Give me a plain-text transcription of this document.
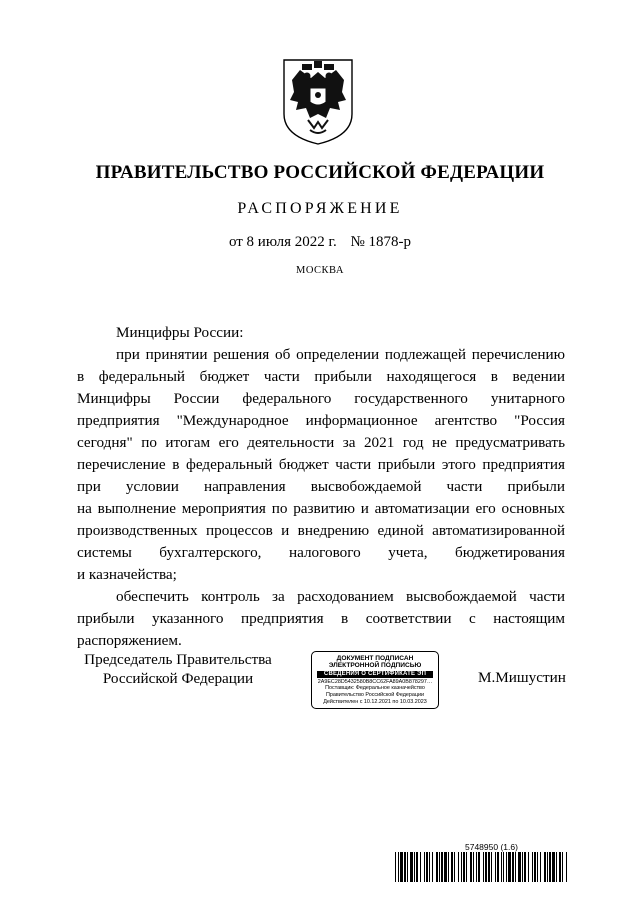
ПРАВИТЕЛЬСТВО РОССИЙСКОЙ ФЕДЕРАЦИИ
РАСПОРЯЖЕНИЕ
от 8 июля 2022 г. № 1878-р
МОСКВА

Минцифры России:

при принятии решения об определении подлежащей перечислению

в федеральный бюджет части прибыли находящегося в ведении

Минцифры России федерального государственного унитарного

предприятия "Международное информационное агентство "Россия

сегодня" по итогам его деятельности за 2021 год не предусматривать

перечисление в федеральный бюджет части прибыли этого предприятия

при условии направления высвобождаемой части прибыли

на выполнение мероприятия по развитию и автоматизации его основных

производственных процессов и внедрению единой автоматизированной

системы бухгалтерского, налогового учета, бюджетирования

и казначейства;

обеспечить контроль за расходованием высвобождаемой части

прибыли указанного предприятия в соответствии с настоящим

распоряжением.

Председатель Правительства
Российской Федерации
ДОКУМЕНТ ПОДПИСАН
ЭЛЕКТРОННОЙ ПОДПИСЬЮ
СВЕДЕНИЯ О СЕРТИФИКАТЕ ЭП
2A9EC28D5432580B8CC62FA89A0B878297…
Поставщик: Федеральное казначейство
Правительство Российской Федерации
Действителен с 10.12.2021 по 10.03.2023
М.Мишустин
5748950 (1.6)
